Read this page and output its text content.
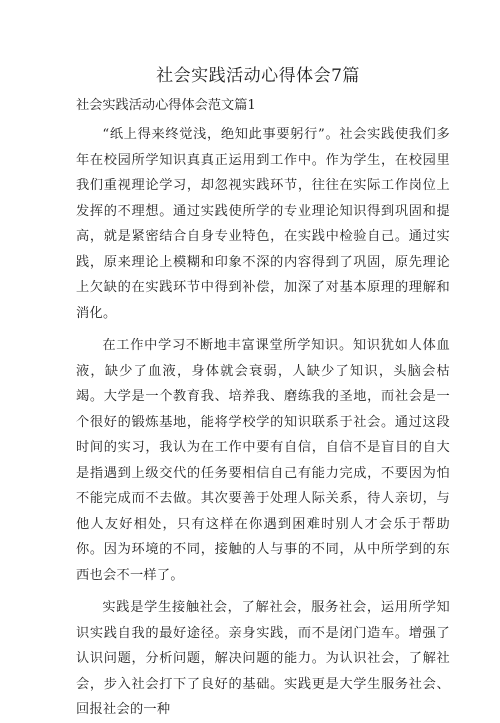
社会实践活动心得体会7篇
社会实践活动心得体会范文篇1

“纸上得来终觉浅，绝知此事要躬行”。社会实践使我们多年在校园所学知识真真正运用到工作中。作为学生，在校园里我们重视理论学习，却忽视实践环节，往往在实际工作岗位上发挥的不理想。通过实践使所学的专业理论知识得到巩固和提高，就是紧密结合自身专业特色，在实践中检验自己。通过实践，原来理论上模糊和印象不深的内容得到了巩固，原先理论上欠缺的在实践环节中得到补偿，加深了对基本原理的理解和消化。

在工作中学习不断地丰富课堂所学知识。知识犹如人体血液，缺少了血液，身体就会衰弱，人缺少了知识，头脑会枯竭。大学是一个教育我、培养我、磨练我的圣地，而社会是一个很好的锻炼基地，能将学校学的知识联系于社会。通过这段时间的实习，我认为在工作中要有自信，自信不是盲目的自大是指遇到上级交代的任务要相信自己有能力完成，不要因为怕不能完成而不去做。其次要善于处理人际关系，待人亲切，与他人友好相处，只有这样在你遇到困难时别人才会乐于帮助你。因为环境的不同，接触的人与事的不同，从中所学到的东西也会不一样了。

实践是学生接触社会，了解社会，服务社会，运用所学知识实践自我的最好途径。亲身实践，而不是闭门造车。增强了认识问题，分析问题，解决问题的能力。为认识社会，了解社会，步入社会打下了良好的基础。实践更是大学生服务社会、回报社会的一种
